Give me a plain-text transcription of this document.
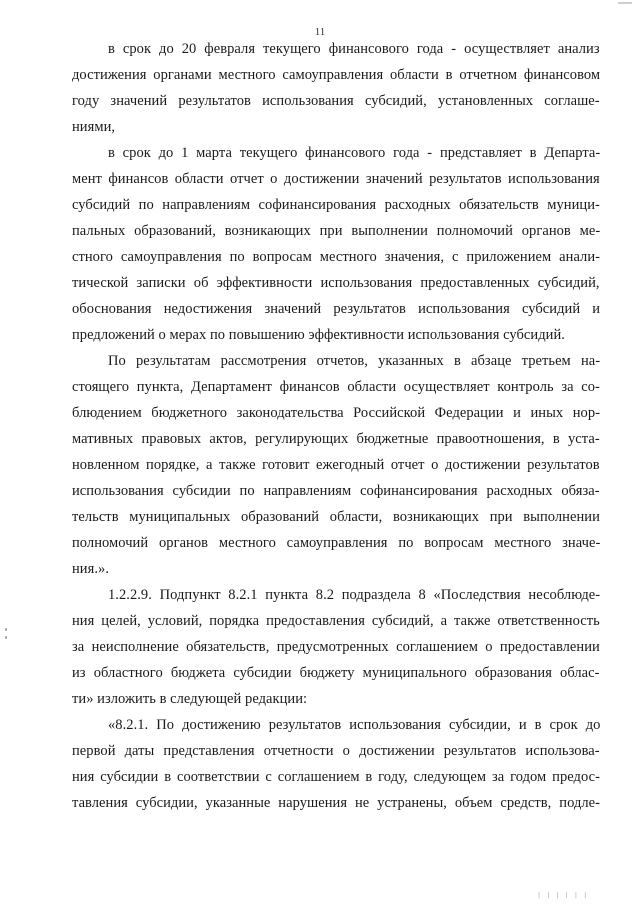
11
в срок до 20 февраля текущего финансового года - осуществляет анализ
достижения органами местного самоуправления области в отчетном финансовом
году значений результатов использования субсидий, установленных соглаше-
ниями,
в срок до 1 марта текущего финансового года - представляет в Департа-
мент финансов области отчет о достижении значений результатов использования
субсидий по направлениям софинансирования расходных обязательств муници-
пальных образований, возникающих при выполнении полномочий органов ме-
стного самоуправления по вопросам местного значения, с приложением анали-
тической записки об эффективности использования предоставленных субсидий,
обоснования недостижения значений результатов использования субсидий и
предложений о мерах по повышению эффективности использования субсидий.
По результатам рассмотрения отчетов, указанных в абзаце третьем на-
стоящего пункта, Департамент финансов области осуществляет контроль за со-
блюдением бюджетного законодательства Российской Федерации и иных нор-
мативных правовых актов, регулирующих бюджетные правоотношения, в уста-
новленном порядке, а также готовит ежегодный отчет о достижении результатов
использования субсидии по направлениям софинансирования расходных обяза-
тельств муниципальных образований области, возникающих при выполнении
полномочий органов местного самоуправления по вопросам местного значе-
ния.».
1.2.2.9. Подпункт 8.2.1 пункта 8.2 подраздела 8 «Последствия несоблюде-
ния целей, условий, порядка предоставления субсидий, а также ответственность
за неисполнение обязательств, предусмотренных соглашением о предоставлении
из областного бюджета субсидии бюджету муниципального образования облас-
ти» изложить в следующей редакции:
«8.2.1. По достижению результатов использования субсидии, и в срок до
первой даты представления отчетности о достижении результатов использова-
ния субсидии в соответствии с соглашением в году, следующем за годом предос-
тавления субсидии, указанные нарушения не устранены, объем средств, подле-
| | | | | |
